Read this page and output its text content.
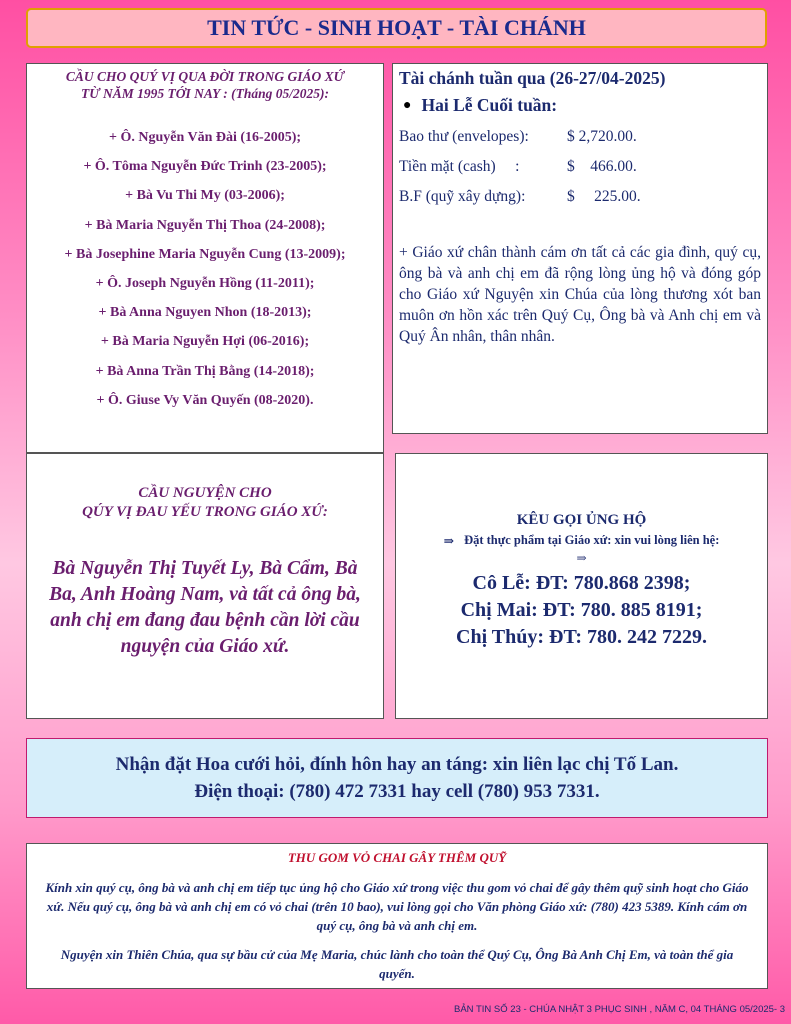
TIN TỨC - SINH HOẠT - TÀI CHÁNH
CẦU CHO QUÝ VỊ QUA ĐỜI TRONG GIÁO XỨ
TỪ NĂM 1995 TỚI NAY : (Tháng 05/2025):
+ Ô. Nguyễn Văn Đài (16-2005);
+ Ô. Tôma Nguyễn Đức Trinh (23-2005);
+ Bà Vu Thi My (03-2006);
+ Bà Maria Nguyễn Thị Thoa (24-2008);
+ Bà Josephine Maria Nguyễn Cung (13-2009);
+ Ô. Joseph Nguyễn Hồng (11-2011);
+ Bà Anna Nguyen Nhon (18-2013);
+ Bà Maria Nguyễn Hợi (06-2016);
+ Bà Anna Trần Thị Bằng (14-2018);
+ Ô. Giuse Vy Văn Quyến (08-2020).
Tài chánh tuần qua (26-27/04-2025)
● Hai Lễ Cuối tuần:
Bao thư (envelopes):	$ 2,720.00.
Tiền mặt (cash)     :	$    466.00.
B.F (quỹ xây dựng):	$     225.00.
+ Giáo xứ chân thành cám ơn tất cả các gia đình, quý cụ, ông bà và anh chị em đã rộng lòng ủng hộ và đóng góp cho Giáo xứ Nguyện xin Chúa của lòng thương xót ban muôn ơn hồn xác trên Quý Cụ, Ông bà và Anh chị em và Quý Ân nhân, thân nhân.
CẦU NGUYỆN CHO
QÚY VỊ ĐAU YẾU TRONG GIÁO XỨ:
Bà Nguyễn Thị Tuyết Ly, Bà Cẩm, Bà Ba, Anh Hoàng Nam, và tất cả ông bà, anh chị em đang đau bệnh cần lời cầu nguyện của Giáo xứ.
KÊU GỌI ỦNG HỘ
⇒ Đặt thực phẩm tại Giáo xứ: xin vui lòng liên hệ:
⇒
Cô Lễ: ĐT: 780.868 2398;
Chị Mai: ĐT: 780. 885 8191;
Chị Thúy: ĐT: 780. 242 7229.
Nhận đặt Hoa cưới hỏi, đính hôn hay an táng: xin liên lạc chị Tố Lan.
Điện thoại: (780) 472 7331 hay cell (780) 953 7331.
THU GOM VỎ CHAI GÂY THÊM QUỸ

Kính xin quý cụ, ông bà và anh chị em tiếp tục ủng hộ cho Giáo xứ trong việc thu gom vỏ chai để gây thêm quỹ sinh hoạt cho Giáo xứ. Nếu quý cụ, ông bà và anh chị em có vỏ chai (trên 10 bao), vui lòng gọi cho Văn phòng Giáo xứ: (780) 423 5389. Kính cám ơn quý cụ, ông bà và anh chị em.

Nguyện xin Thiên Chúa, qua sự bầu cử của Mẹ Maria, chúc lành cho toàn thể Quý Cụ, Ông Bà Anh Chị Em, và toàn thể gia quyến.

BẢN TIN SỐ 23 - CHÚA NHẬT 3 PHỤC SINH , NĂM C, 04 THÁNG 05/2025- 3
